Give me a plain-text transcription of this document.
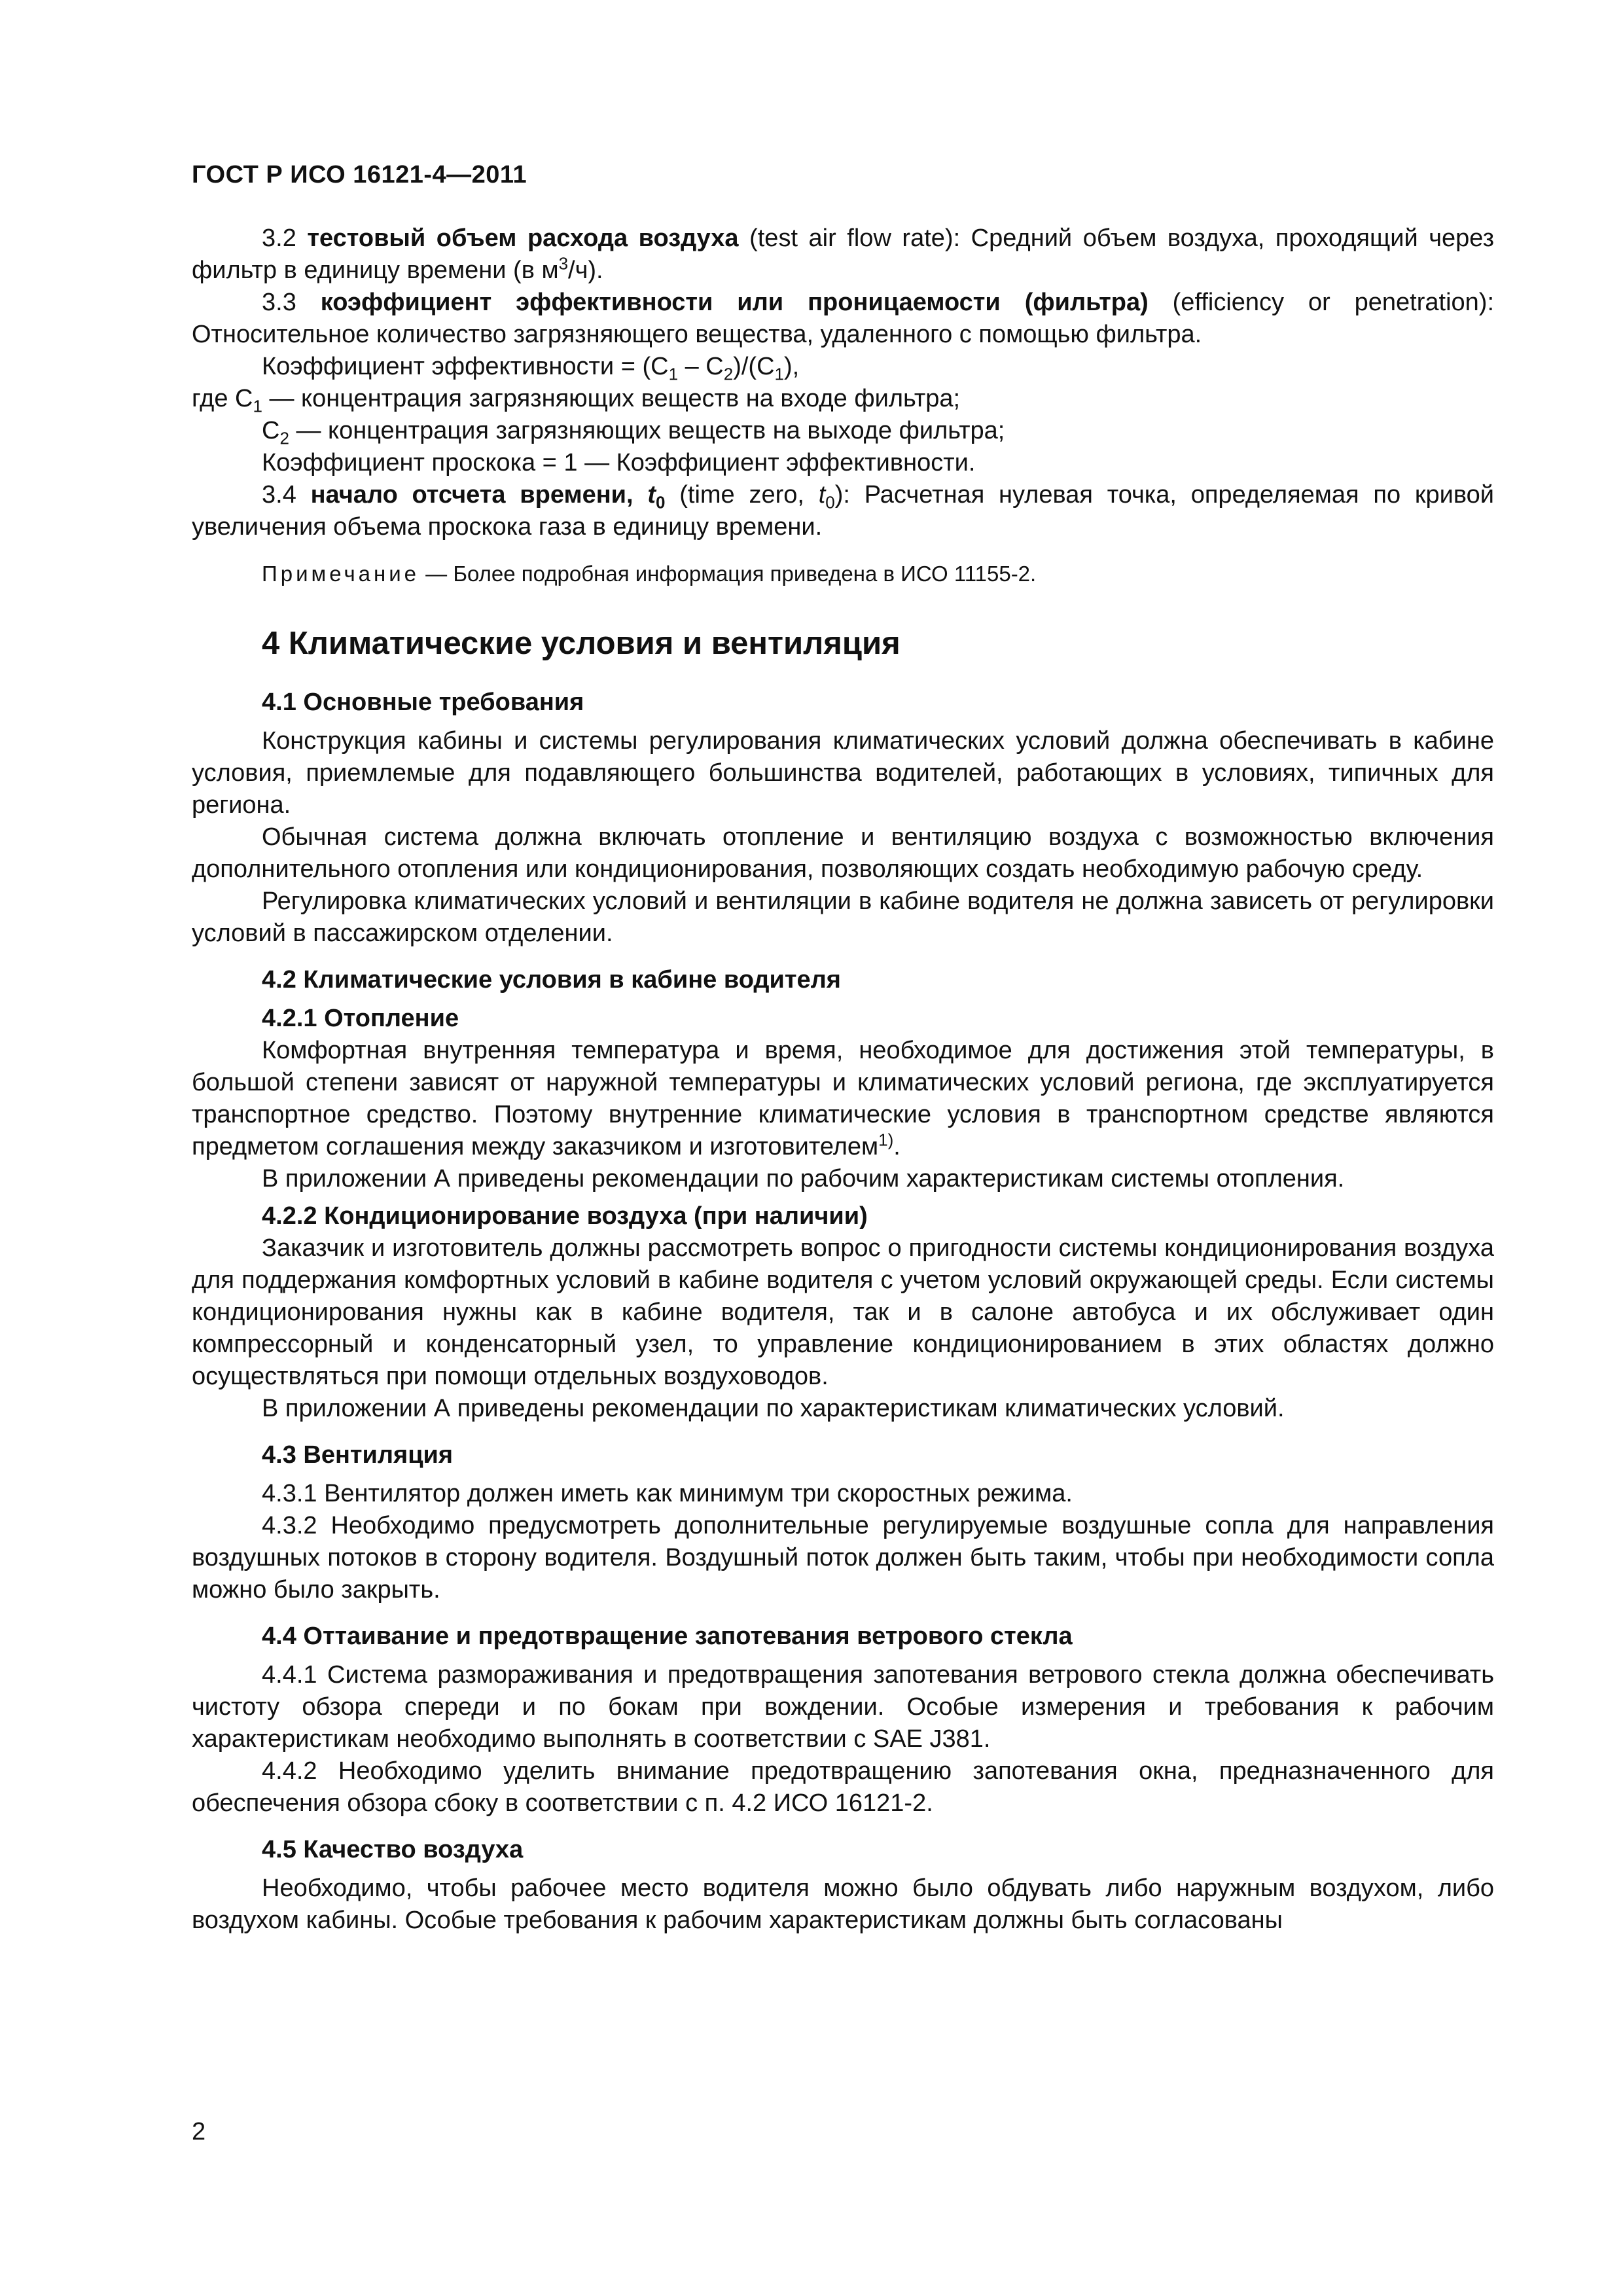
ГОСТ Р ИСО 16121-4—2011

3.2 тестовый объем расхода воздуха (test air flow rate): Средний объем воздуха, проходящий через фильтр в единицу времени (в $м^3/ч$).

3.3 коэффициент эффективности или проницаемости (фильтра) (efficiency or penetration): Относительное количество загрязняющего вещества, удаленного с помощью фильтра.

Коэффициент эффективности = $(С_1 - С_2)/(С_1)$,

где $С_1$ — концентрация загрязняющих веществ на входе фильтра;

$С_2$ — концентрация загрязняющих веществ на выходе фильтра;

Коэффициент проскока = 1 — Коэффициент эффективности.

3.4 начало отсчета времени, $t_0$ (time zero, $t_0$): Расчетная нулевая точка, определяемая по кривой увеличения объема проскока газа в единицу времени.

Примечание — Более подробная информация приведена в ИСО 11155-2.

4 Климатические условия и вентиляция
4.1 Основные требования

Конструкция кабины и системы регулирования климатических условий должна обеспечивать в кабине условия, приемлемые для подавляющего большинства водителей, работающих в условиях, типичных для региона.

Обычная система должна включать отопление и вентиляцию воздуха с возможностью включения дополнительного отопления или кондиционирования, позволяющих создать необходимую рабочую среду.

Регулировка климатических условий и вентиляции в кабине водителя не должна зависеть от регулировки условий в пассажирском отделении.

4.2 Климатические условия в кабине водителя
4.2.1 Отопление

Комфортная внутренняя температура и время, необходимое для достижения этой температуры, в большой степени зависят от наружной температуры и климатических условий региона, где эксплуатируется транспортное средство. Поэтому внутренние климатические условия в транспортном средстве являются предметом соглашения между заказчиком и изготовителем$^{1)}$.

В приложении А приведены рекомендации по рабочим характеристикам системы отопления.

4.2.2 Кондиционирование воздуха (при наличии)

Заказчик и изготовитель должны рассмотреть вопрос о пригодности системы кондиционирования воздуха для поддержания комфортных условий в кабине водителя с учетом условий окружающей среды. Если системы кондиционирования нужны как в кабине водителя, так и в салоне автобуса и их обслуживает один компрессорный и конденсаторный узел, то управление кондиционированием в этих областях должно осуществляться при помощи отдельных воздуховодов.

В приложении А приведены рекомендации по характеристикам климатических условий.

4.3 Вентиляция

4.3.1 Вентилятор должен иметь как минимум три скоростных режима.

4.3.2 Необходимо предусмотреть дополнительные регулируемые воздушные сопла для направления воздушных потоков в сторону водителя. Воздушный поток должен быть таким, чтобы при необходимости сопла можно было закрыть.

4.4 Оттаивание и предотвращение запотевания ветрового стекла

4.4.1 Система размораживания и предотвращения запотевания ветрового стекла должна обеспечивать чистоту обзора спереди и по бокам при вождении. Особые измерения и требования к рабочим характеристикам необходимо выполнять в соответствии с SAE J381.

4.4.2 Необходимо уделить внимание предотвращению запотевания окна, предназначенного для обеспечения обзора сбоку в соответствии с п. 4.2 ИСО 16121-2.

4.5 Качество воздуха

Необходимо, чтобы рабочее место водителя можно было обдувать либо наружным воздухом, либо воздухом кабины. Особые требования к рабочим характеристикам должны быть согласованы

2
